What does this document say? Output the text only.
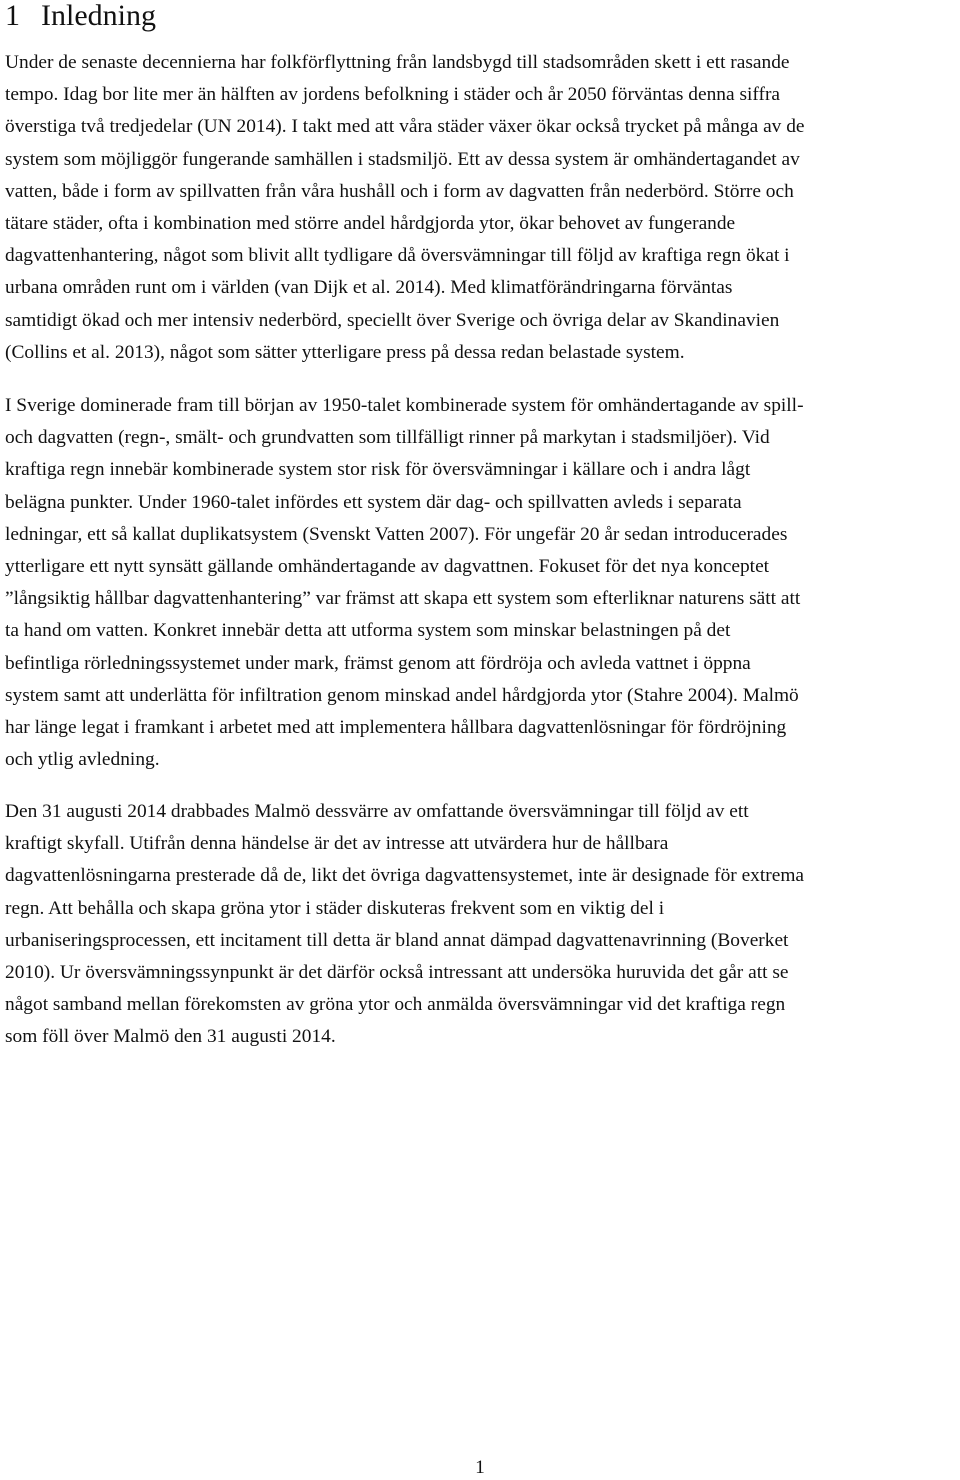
1 Inledning

Under de senaste decennierna har folkförflyttning från landsbygd till stadsområden skett i ett rasande
tempo. Idag bor lite mer än hälften av jordens befolkning i städer och år 2050 förväntas denna siffra
överstiga två tredjedelar (UN 2014). I takt med att våra städer växer ökar också trycket på många av de
system som möjliggör fungerande samhällen i stadsmiljö. Ett av dessa system är omhändertagandet av
vatten, både i form av spillvatten från våra hushåll och i form av dagvatten från nederbörd. Större och
tätare städer, ofta i kombination med större andel hårdgjorda ytor, ökar behovet av fungerande
dagvattenhantering, något som blivit allt tydligare då översvämningar till följd av kraftiga regn ökat i
urbana områden runt om i världen (van Dijk et al. 2014). Med klimatförändringarna förväntas
samtidigt ökad och mer intensiv nederbörd, speciellt över Sverige och övriga delar av Skandinavien
(Collins et al. 2013), något som sätter ytterligare press på dessa redan belastade system.

I Sverige dominerade fram till början av 1950-talet kombinerade system för omhändertagande av spill-
och dagvatten (regn-, smält- och grundvatten som tillfälligt rinner på markytan i stadsmiljöer). Vid
kraftiga regn innebär kombinerade system stor risk för översvämningar i källare och i andra lågt
belägna punkter. Under 1960-talet infördes ett system där dag- och spillvatten avleds i separata
ledningar, ett så kallat duplikatsystem (Svenskt Vatten 2007). För ungefär 20 år sedan introducerades
ytterligare ett nytt synsätt gällande omhändertagande av dagvattnen. Fokuset för det nya konceptet
”långsiktig hållbar dagvattenhantering” var främst att skapa ett system som efterliknar naturens sätt att
ta hand om vatten. Konkret innebär detta att utforma system som minskar belastningen på det
befintliga rörledningssystemet under mark, främst genom att fördröja och avleda vattnet i öppna
system samt att underlätta för infiltration genom minskad andel hårdgjorda ytor (Stahre 2004). Malmö
har länge legat i framkant i arbetet med att implementera hållbara dagvattenlösningar för fördröjning
och ytlig avledning.

Den 31 augusti 2014 drabbades Malmö dessvärre av omfattande översvämningar till följd av ett
kraftigt skyfall. Utifrån denna händelse är det av intresse att utvärdera hur de hållbara
dagvattenlösningarna presterade då de, likt det övriga dagvattensystemet, inte är designade för extrema
regn. Att behålla och skapa gröna ytor i städer diskuteras frekvent som en viktig del i
urbaniseringsprocessen, ett incitament till detta är bland annat dämpad dagvattenavrinning (Boverket
2010). Ur översvämningssynpunkt är det därför också intressant att undersöka huruvida det går att se
något samband mellan förekomsten av gröna ytor och anmälda översvämningar vid det kraftiga regn
som föll över Malmö den 31 augusti 2014.

1
